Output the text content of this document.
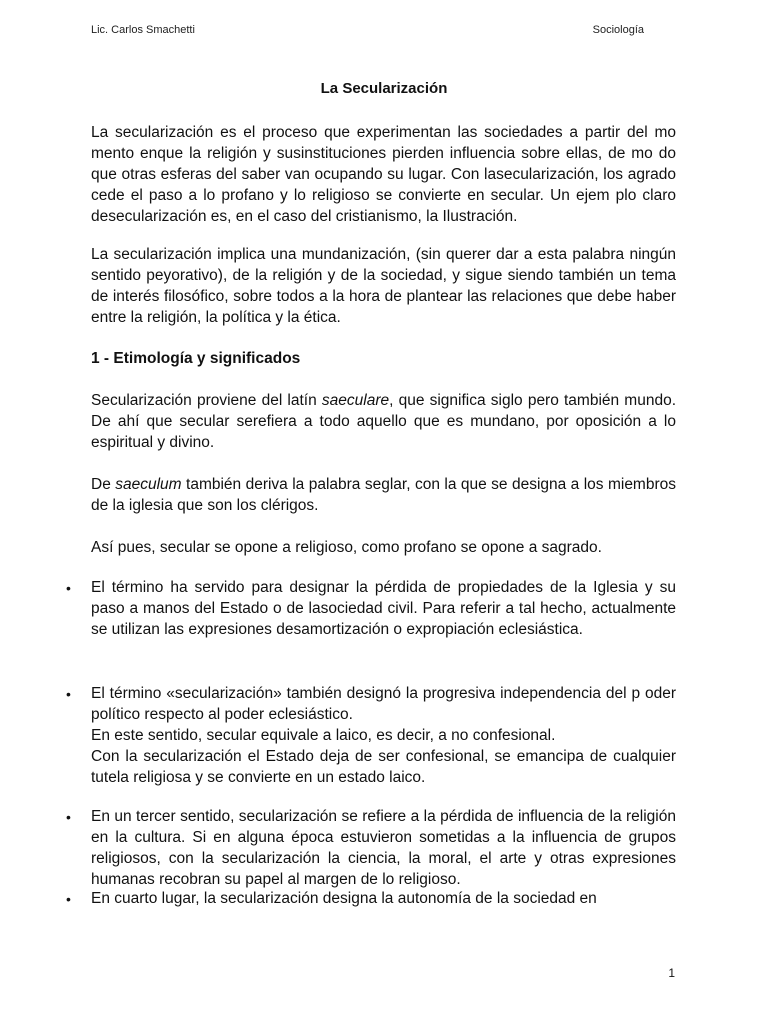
Lic. Carlos Smachetti	Sociología
La Secularización

La secularización es el proceso que experimentan las sociedades a partir del mo mento enque la religión y susinstituciones pierden influencia sobre ellas, de mo do que otras esferas del saber van ocupando su lugar. Con lasecularización, los agrado cede el paso a lo profano y lo religioso se convierte en secular. Un ejem plo claro desecularización es, en el caso del cristianismo, la Ilustración.

La secularización implica una mundanización, (sin querer dar a esta palabra ningún sentido peyorativo), de la religión y de la sociedad, y sigue siendo también un tema de interés filosófico, sobre todos a la hora de plantear las relaciones que debe haber entre la religión, la política y la ética.

1 - Etimología y significados

Secularización proviene del latín saeculare, que significa siglo pero también mundo. De ahí que secular serefiera a todo aquello que es mundano, por oposición a lo espiritual y divino.

De saeculum también deriva la palabra seglar, con la que se designa a los miembros de la iglesia que son los clérigos.

Así pues, secular se opone a religioso, como profano se opone a sagrado.

• El término ha servido para designar la pérdida de propiedades de la Iglesia y su paso a manos del Estado o de lasociedad civil. Para referir a tal hecho, actualmente se utilizan las expresiones desamortización o expropiación eclesiástica.

• El término «secularización» también designó la progresiva independencia del p oder político respecto al poder eclesiástico.

En este sentido, secular equivale a laico, es decir, a no confesional.

Con la secularización el Estado deja de ser confesional, se emancipa de cualquier tutela religiosa y se convierte en un estado laico.

• En un tercer sentido, secularización se refiere a la pérdida de influencia de la religión en la cultura. Si en alguna época estuvieron sometidas a la influencia de grupos religiosos, con la secularización la ciencia, la moral, el arte y otras expresiones humanas recobran su papel al margen de lo religioso.

• En cuarto lugar, la secularización designa la autonomía de la sociedad en

1
